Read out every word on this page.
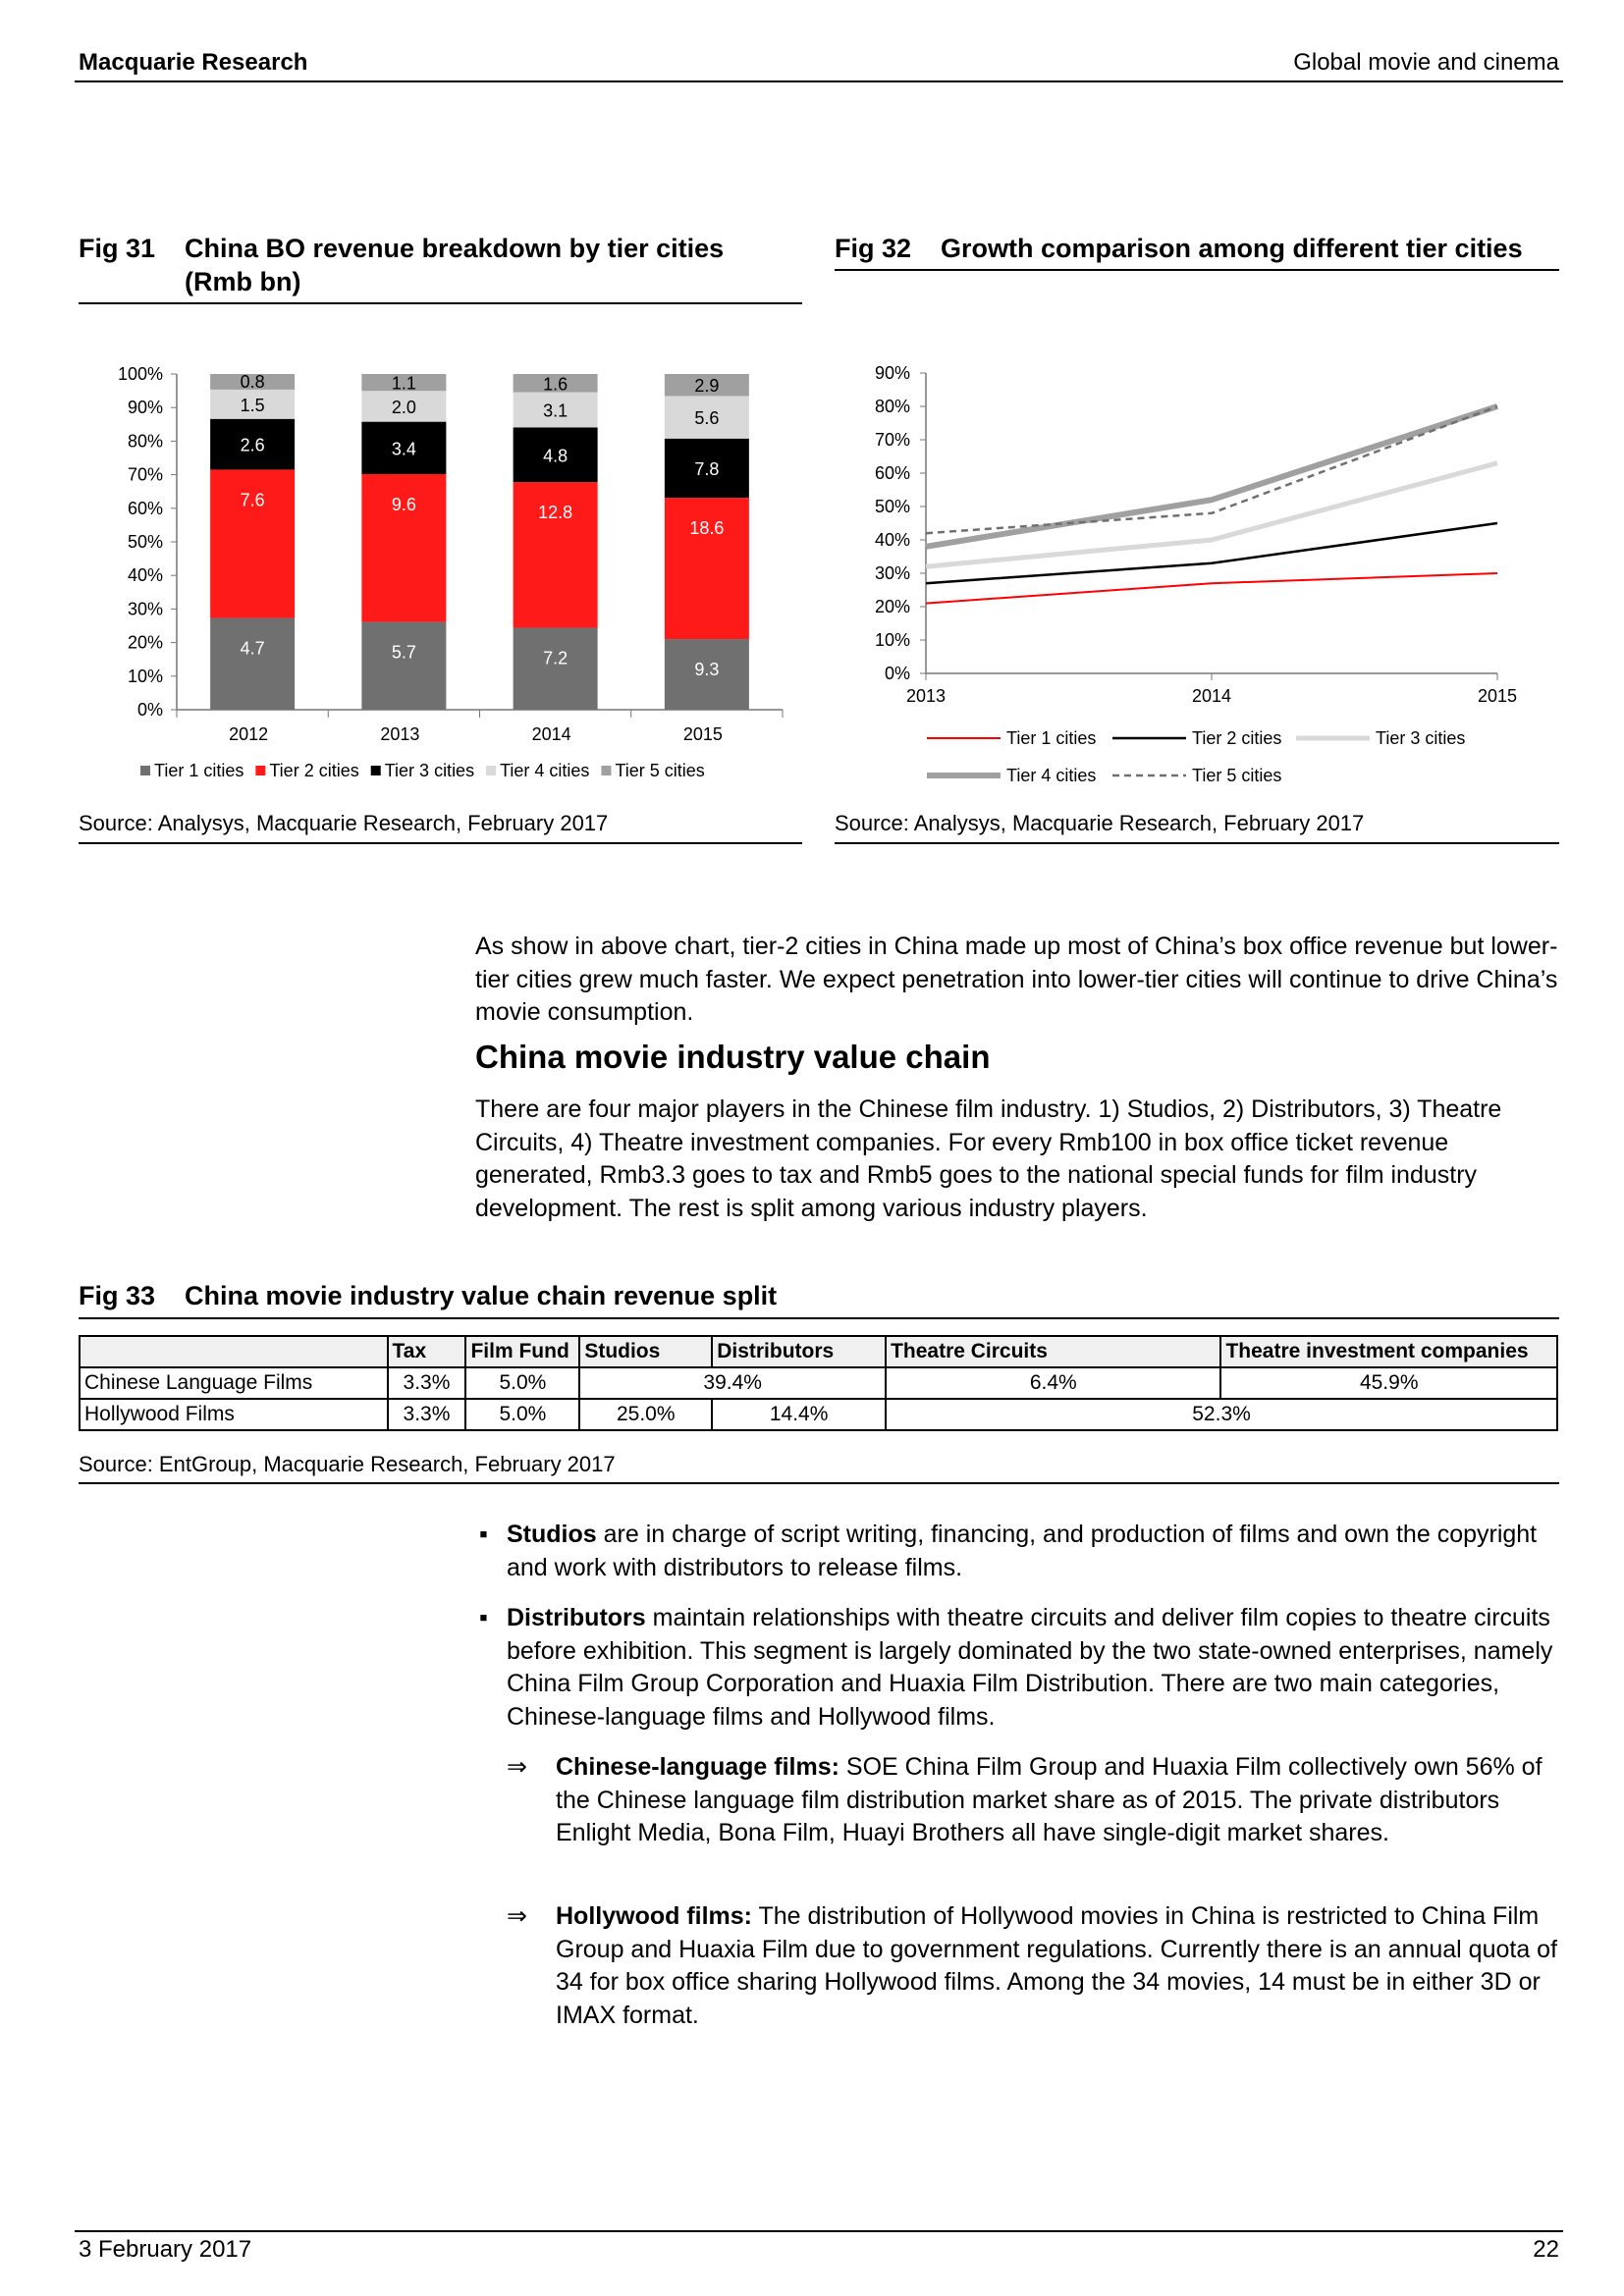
Macquarie Research	Global movie and cinema
Fig 31	China BO revenue breakdown by tier cities (Rmb bn)
0%
10%
20%
30%
40%
50%
60%
70%
80%
90%
100%
4.7
7.6
2.6
1.5
0.8
2012
5.7
9.6
3.4
2.0
1.1
2013
7.2
12.8
4.8
3.1
1.6
2014
9.3
18.6
7.8
5.6
2.9
2015
Tier 1 cities Tier 2 cities Tier 3 cities Tier 4 cities Tier 5 cities
0%
10%
20%
30%
40%
50%
60%
70%
80%
90%
2013	2014	2015
Tier 1 cities	Tier 2 cities	Tier 3 cities
Tier 4 cities	Tier 5 cities
Source: Analysys, Macquarie Research, February 2017
Fig 32 Growth comparison among different tier cities
Source: Analysys, Macquarie Research, February 2017
As show in above chart, tier-2 cities in China made up most of China’s box office revenue but lower-tier cities grew much faster. We expect penetration into lower-tier cities will continue to drive China’s movie consumption.
China movie industry value chain
There are four major players in the Chinese film industry. 1) Studios, 2) Distributors, 3) Theatre Circuits, 4) Theatre investment companies. For every Rmb100 in box office ticket revenue generated, Rmb3.3 goes to tax and Rmb5 goes to the national special funds for film industry development. The rest is split among various industry players.
Fig 33 China movie industry value chain revenue split
	Tax	Film Fund	Studios	Distributors	Theatre Circuits	Theatre investment companies
Chinese Language Films	3.3%	5.0%	39.4%		6.4%	45.9%
Hollywood Films	3.3%	5.0%	25.0%	14.4%	52.3%	
Source: EntGroup, Macquarie Research, February 2017
▪ Studios are in charge of script writing, financing, and production of films and own the copyright and work with distributors to release films.
▪ Distributors maintain relationships with theatre circuits and deliver film copies to theatre circuits before exhibition. This segment is largely dominated by the two state-owned enterprises, namely China Film Group Corporation and Huaxia Film Distribution. There are two main categories, Chinese-language films and Hollywood films.
⇒ Chinese-language films: SOE China Film Group and Huaxia Film collectively own 56% of the Chinese language film distribution market share as of 2015. The private distributors Enlight Media, Bona Film, Huayi Brothers all have single-digit market shares.
⇒ Hollywood films: The distribution of Hollywood movies in China is restricted to China Film Group and Huaxia Film due to government regulations. Currently there is an annual quota of 34 for box office sharing Hollywood films. Among the 34 movies, 14 must be in either 3D or IMAX format.
3 February 2017	22
